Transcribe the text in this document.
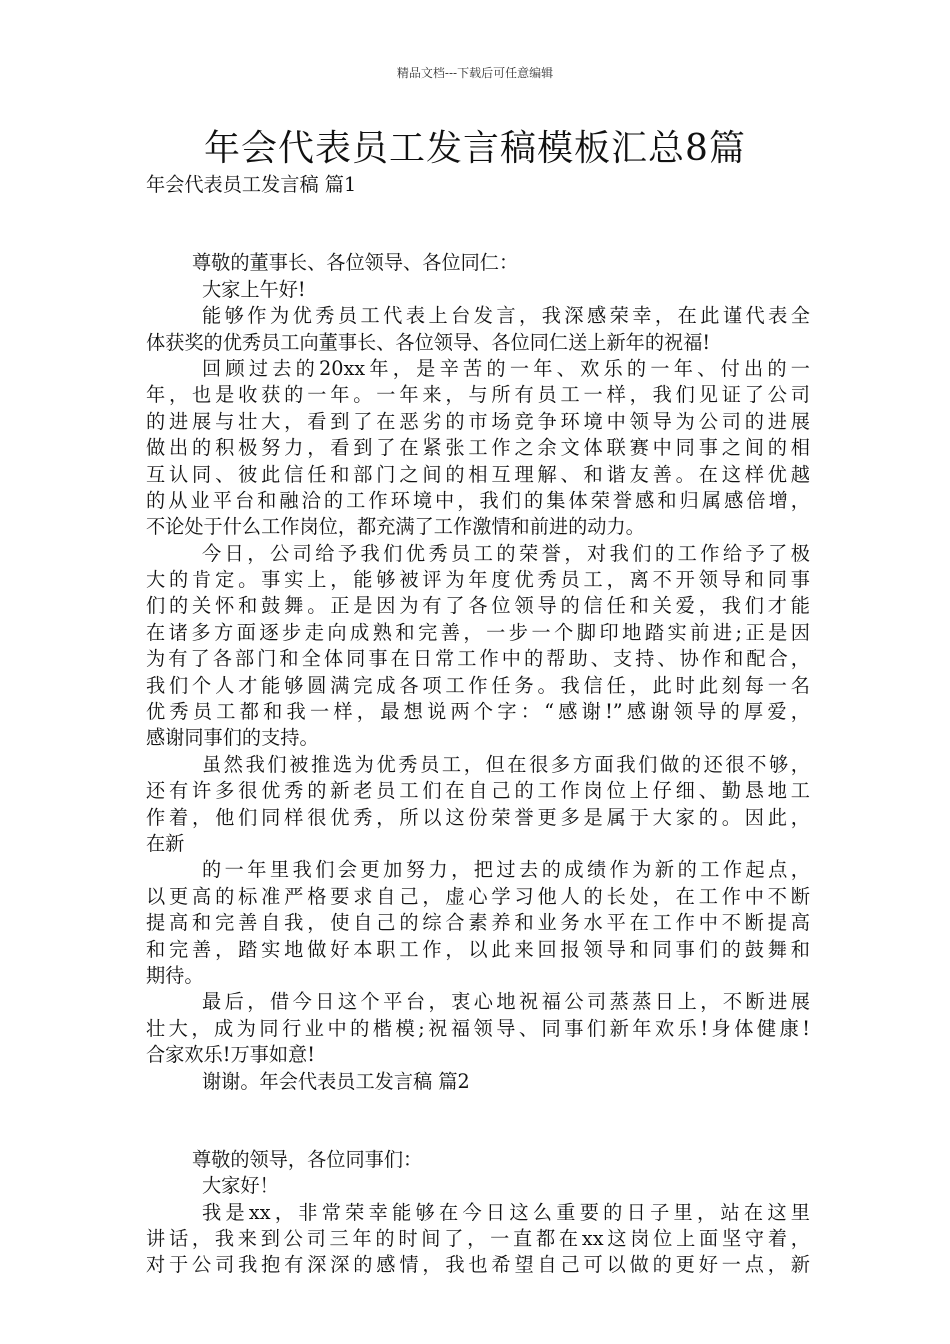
精品文档---下载后可任意编辑
年会代表员工发言稿模板汇总8篇
年会代表员工发言稿 篇1
尊敬的董事长、各位领导、各位同仁：
大家上午好!
能够作为优秀员工代表上台发言，我深感荣幸，在此谨代表全
体获奖的优秀员工向董事长、各位领导、各位同仁送上新年的祝福!
回顾过去的20xx年，是辛苦的一年、欢乐的一年、付出的一
年，也是收获的一年。一年来，与所有员工一样，我们见证了公司
的进展与壮大，看到了在恶劣的市场竞争环境中领导为公司的进展
做出的积极努力，看到了在紧张工作之余文体联赛中同事之间的相
互认同、彼此信任和部门之间的相互理解、和谐友善。在这样优越
的从业平台和融洽的工作环境中，我们的集体荣誉感和归属感倍增，
不论处于什么工作岗位，都充满了工作激情和前进的动力。
今日，公司给予我们优秀员工的荣誉，对我们的工作给予了极
大的肯定。事实上，能够被评为年度优秀员工，离不开领导和同事
们的关怀和鼓舞。正是因为有了各位领导的信任和关爱，我们才能
在诸多方面逐步走向成熟和完善，一步一个脚印地踏实前进;正是因
为有了各部门和全体同事在日常工作中的帮助、支持、协作和配合，
我们个人才能够圆满完成各项工作任务。我信任，此时此刻每一名
优秀员工都和我一样，最想说两个字：“感谢!”感谢领导的厚爱，
感谢同事们的支持。
虽然我们被推选为优秀员工，但在很多方面我们做的还很不够，
还有许多很优秀的新老员工们在自己的工作岗位上仔细、勤恳地工
作着，他们同样很优秀，所以这份荣誉更多是属于大家的。因此，
在新
的一年里我们会更加努力，把过去的成绩作为新的工作起点，
以更高的标准严格要求自己，虚心学习他人的长处，在工作中不断
提高和完善自我，使自己的综合素养和业务水平在工作中不断提高
和完善，踏实地做好本职工作，以此来回报领导和同事们的鼓舞和
期待。
最后，借今日这个平台，衷心地祝福公司蒸蒸日上，不断进展
壮大，成为同行业中的楷模;祝福领导、同事们新年欢乐!身体健康!
合家欢乐!万事如意!
谢谢。年会代表员工发言稿 篇2
尊敬的领导，各位同事们：
大家好！
我是xx，非常荣幸能够在今日这么重要的日子里，站在这里
讲话，我来到公司三年的时间了，一直都在xx这岗位上面坚守着，
对于公司我抱有深深的感情，我也希望自己可以做的更好一点，新
